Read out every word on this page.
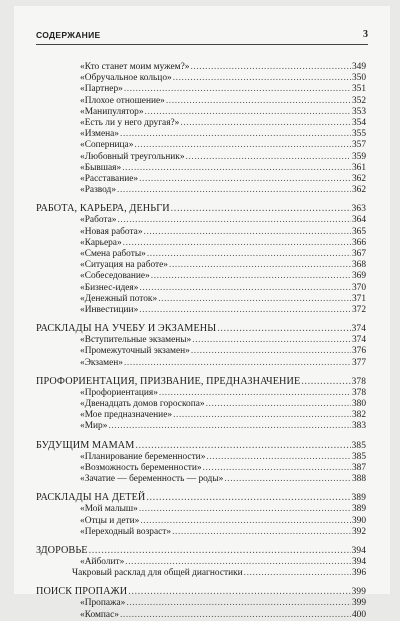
СОДЕРЖАНИЕ	3
«Кто станет моим мужем?» .....	349
«Обручальное кольцо» .....	350
«Партнер» .....	351
«Плохое отношение» .....	352
«Манипулятор» .....	353
«Есть ли у него другая?» .....	354
«Измена» .....	355
«Соперница» .....	357
«Любовный треугольник» .....	359
«Бывшая» .....	361
«Расставание» .....	362
«Развод» .....	362
РАБОТА, КАРЬЕРА, ДЕНЬГИ .....	363
«Работа» .....	364
«Новая работа» .....	365
«Карьера» .....	366
«Смена работы» .....	367
«Ситуация на работе» .....	368
«Собеседование» .....	369
«Бизнес-идея» .....	370
«Денежный поток» .....	371
«Инвестиции» .....	372
РАСКЛАДЫ НА УЧЕБУ И ЭКЗАМЕНЫ .....	374
«Вступительные экзамены» .....	374
«Промежуточный экзамен» .....	376
«Экзамен» .....	377
ПРОФОРИЕНТАЦИЯ, ПРИЗВАНИЕ, ПРЕДНАЗНАЧЕНИЕ .....	378
«Профориентация» .....	378
«Двенадцать домов гороскопа» .....	380
«Мое предназначение» .....	382
«Мир» .....	383
БУДУЩИМ МАМАМ .....	385
«Планирование беременности» .....	385
«Возможность беременности» .....	387
«Зачатие — беременность — роды» .....	388
РАСКЛАДЫ НА ДЕТЕЙ .....	389
«Мой малыш» .....	389
«Отцы и дети» .....	390
«Переходный возраст» .....	392
ЗДОРОВЬЕ .....	394
«Айболит» .....	394
Чакровый расклад для общей диагностики .....	396
ПОИСК ПРОПАЖИ .....	399
«Пропажа» .....	399
«Компас» .....	400
